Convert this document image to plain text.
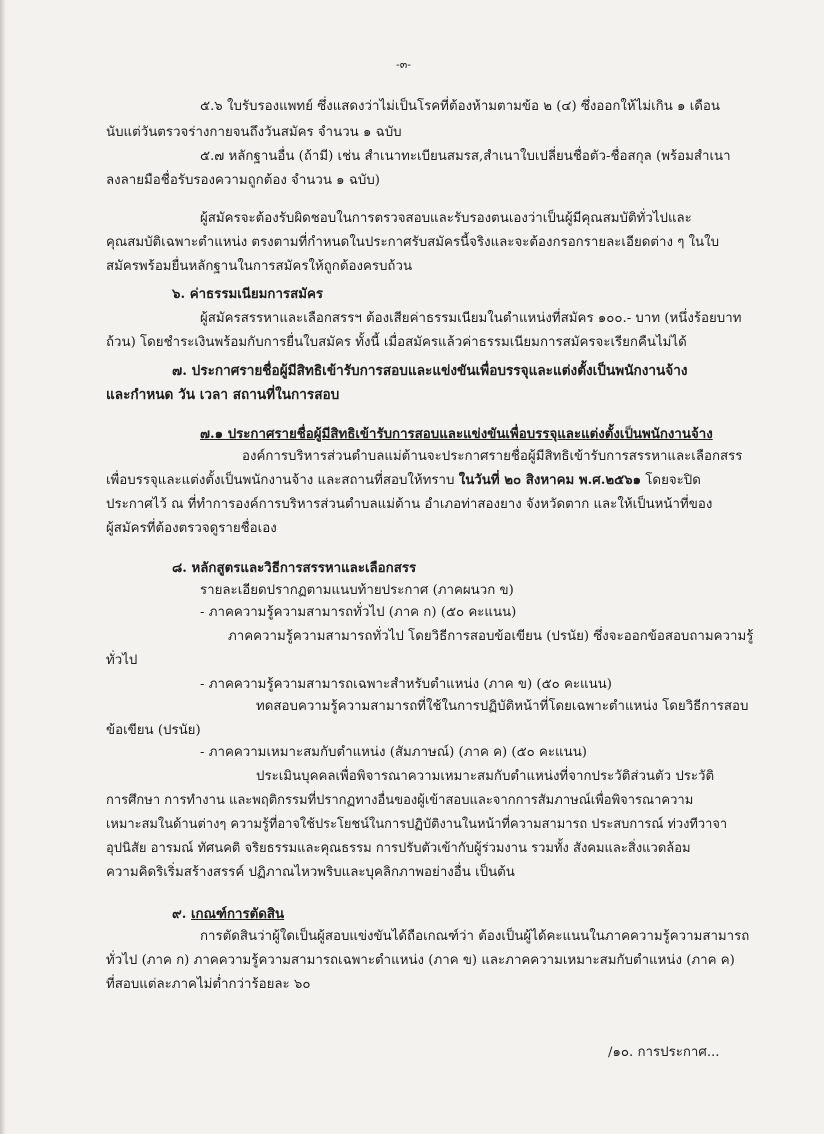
-๓-
๕.๖ ใบรับรองแพทย์ ซึ่งแสดงว่าไม่เป็นโรคที่ต้องห้ามตามข้อ ๒ (๔) ซึ่งออกให้ไม่เกิน ๑ เดือน
นับแต่วันตรวจร่างกายจนถึงวันสมัคร จำนวน ๑ ฉบับ
๕.๗ หลักฐานอื่น (ถ้ามี) เช่น สำเนาทะเบียนสมรส,สำเนาใบเปลี่ยนชื่อตัว-ชื่อสกุล (พร้อมสำเนา
ลงลายมือชื่อรับรองความถูกต้อง จำนวน ๑ ฉบับ)
ผู้สมัครจะต้องรับผิดชอบในการตรวจสอบและรับรองตนเองว่าเป็นผู้มีคุณสมบัติทั่วไปและ
คุณสมบัติเฉพาะตำแหน่ง ตรงตามที่กำหนดในประกาศรับสมัครนี้จริงและจะต้องกรอกรายละเอียดต่าง ๆ ในใบ
สมัครพร้อมยื่นหลักฐานในการสมัครให้ถูกต้องครบถ้วน
๖. ค่าธรรมเนียมการสมัคร
ผู้สมัครสรรหาและเลือกสรรฯ ต้องเสียค่าธรรมเนียมในตำแหน่งที่สมัคร ๑๐๐.- บาท (หนึ่งร้อยบาท
ถ้วน) โดยชำระเงินพร้อมกับการยื่นใบสมัคร ทั้งนี้ เมื่อสมัครแล้วค่าธรรมเนียมการสมัครจะเรียกคืนไม่ได้
๗. ประกาศรายชื่อผู้มีสิทธิเข้ารับการสอบและแข่งขันเพื่อบรรจุและแต่งตั้งเป็นพนักงานจ้าง
และกำหนด วัน เวลา สถานที่ในการสอบ
๗.๑ ประกาศรายชื่อผู้มีสิทธิเข้ารับการสอบและแข่งขันเพื่อบรรจุและแต่งตั้งเป็นพนักงานจ้าง
องค์การบริหารส่วนตำบลแม่ต้านจะประกาศรายชื่อผู้มีสิทธิเข้ารับการสรรหาและเลือกสรร
เพื่อบรรจุและแต่งตั้งเป็นพนักงานจ้าง และสถานที่สอบให้ทราบ ในวันที่ ๒๐ สิงหาคม พ.ศ.๒๕๖๑ โดยจะปิด
ประกาศไว้ ณ ที่ทำการองค์การบริหารส่วนตำบลแม่ต้าน อำเภอท่าสองยาง จังหวัดตาก และให้เป็นหน้าที่ของ
ผู้สมัครที่ต้องตรวจดูรายชื่อเอง
๘. หลักสูตรและวิธีการสรรหาและเลือกสรร
รายละเอียดปรากฏตามแนบท้ายประกาศ (ภาคผนวก ข)
- ภาคความรู้ความสามารถทั่วไป (ภาค ก) (๕๐ คะแนน)
ภาคความรู้ความสามารถทั่วไป โดยวิธีการสอบข้อเขียน (ปรนัย) ซึ่งจะออกข้อสอบถามความรู้
ทั่วไป
- ภาคความรู้ความสามารถเฉพาะสำหรับตำแหน่ง (ภาค ข) (๕๐ คะแนน)
ทดสอบความรู้ความสามารถที่ใช้ในการปฏิบัติหน้าที่โดยเฉพาะตำแหน่ง โดยวิธีการสอบ
ข้อเขียน (ปรนัย)
- ภาคความเหมาะสมกับตำแหน่ง (สัมภาษณ์) (ภาค ค) (๕๐ คะแนน)
ประเมินบุคคลเพื่อพิจารณาความเหมาะสมกับตำแหน่งที่จากประวัติส่วนตัว ประวัติ
การศึกษา การทำงาน และพฤติกรรมที่ปรากฏทางอื่นของผู้เข้าสอบและจากการสัมภาษณ์เพื่อพิจารณาความ
เหมาะสมในด้านต่างๆ ความรู้ที่อาจใช้ประโยชน์ในการปฏิบัติงานในหน้าที่ความสามารถ ประสบการณ์ ท่วงทีวาจา
อุปนิสัย อารมณ์ ทัศนคติ จริยธรรมและคุณธรรม การปรับตัวเข้ากับผู้ร่วมงาน รวมทั้ง สังคมและสิ่งแวดล้อม
ความคิดริเริ่มสร้างสรรค์ ปฏิภาณไหวพริบและบุคลิกภาพอย่างอื่น เป็นต้น
๙. เกณฑ์การตัดสิน
การตัดสินว่าผู้ใดเป็นผู้สอบแข่งขันได้ถือเกณฑ์ว่า ต้องเป็นผู้ได้คะแนนในภาคความรู้ความสามารถ
ทั่วไป (ภาค ก) ภาคความรู้ความสามารถเฉพาะตำแหน่ง (ภาค ข) และภาคความเหมาะสมกับตำแหน่ง (ภาค ค)
ที่สอบแต่ละภาคไม่ต่ำกว่าร้อยละ ๖๐
/๑๐. การประกาศ...
